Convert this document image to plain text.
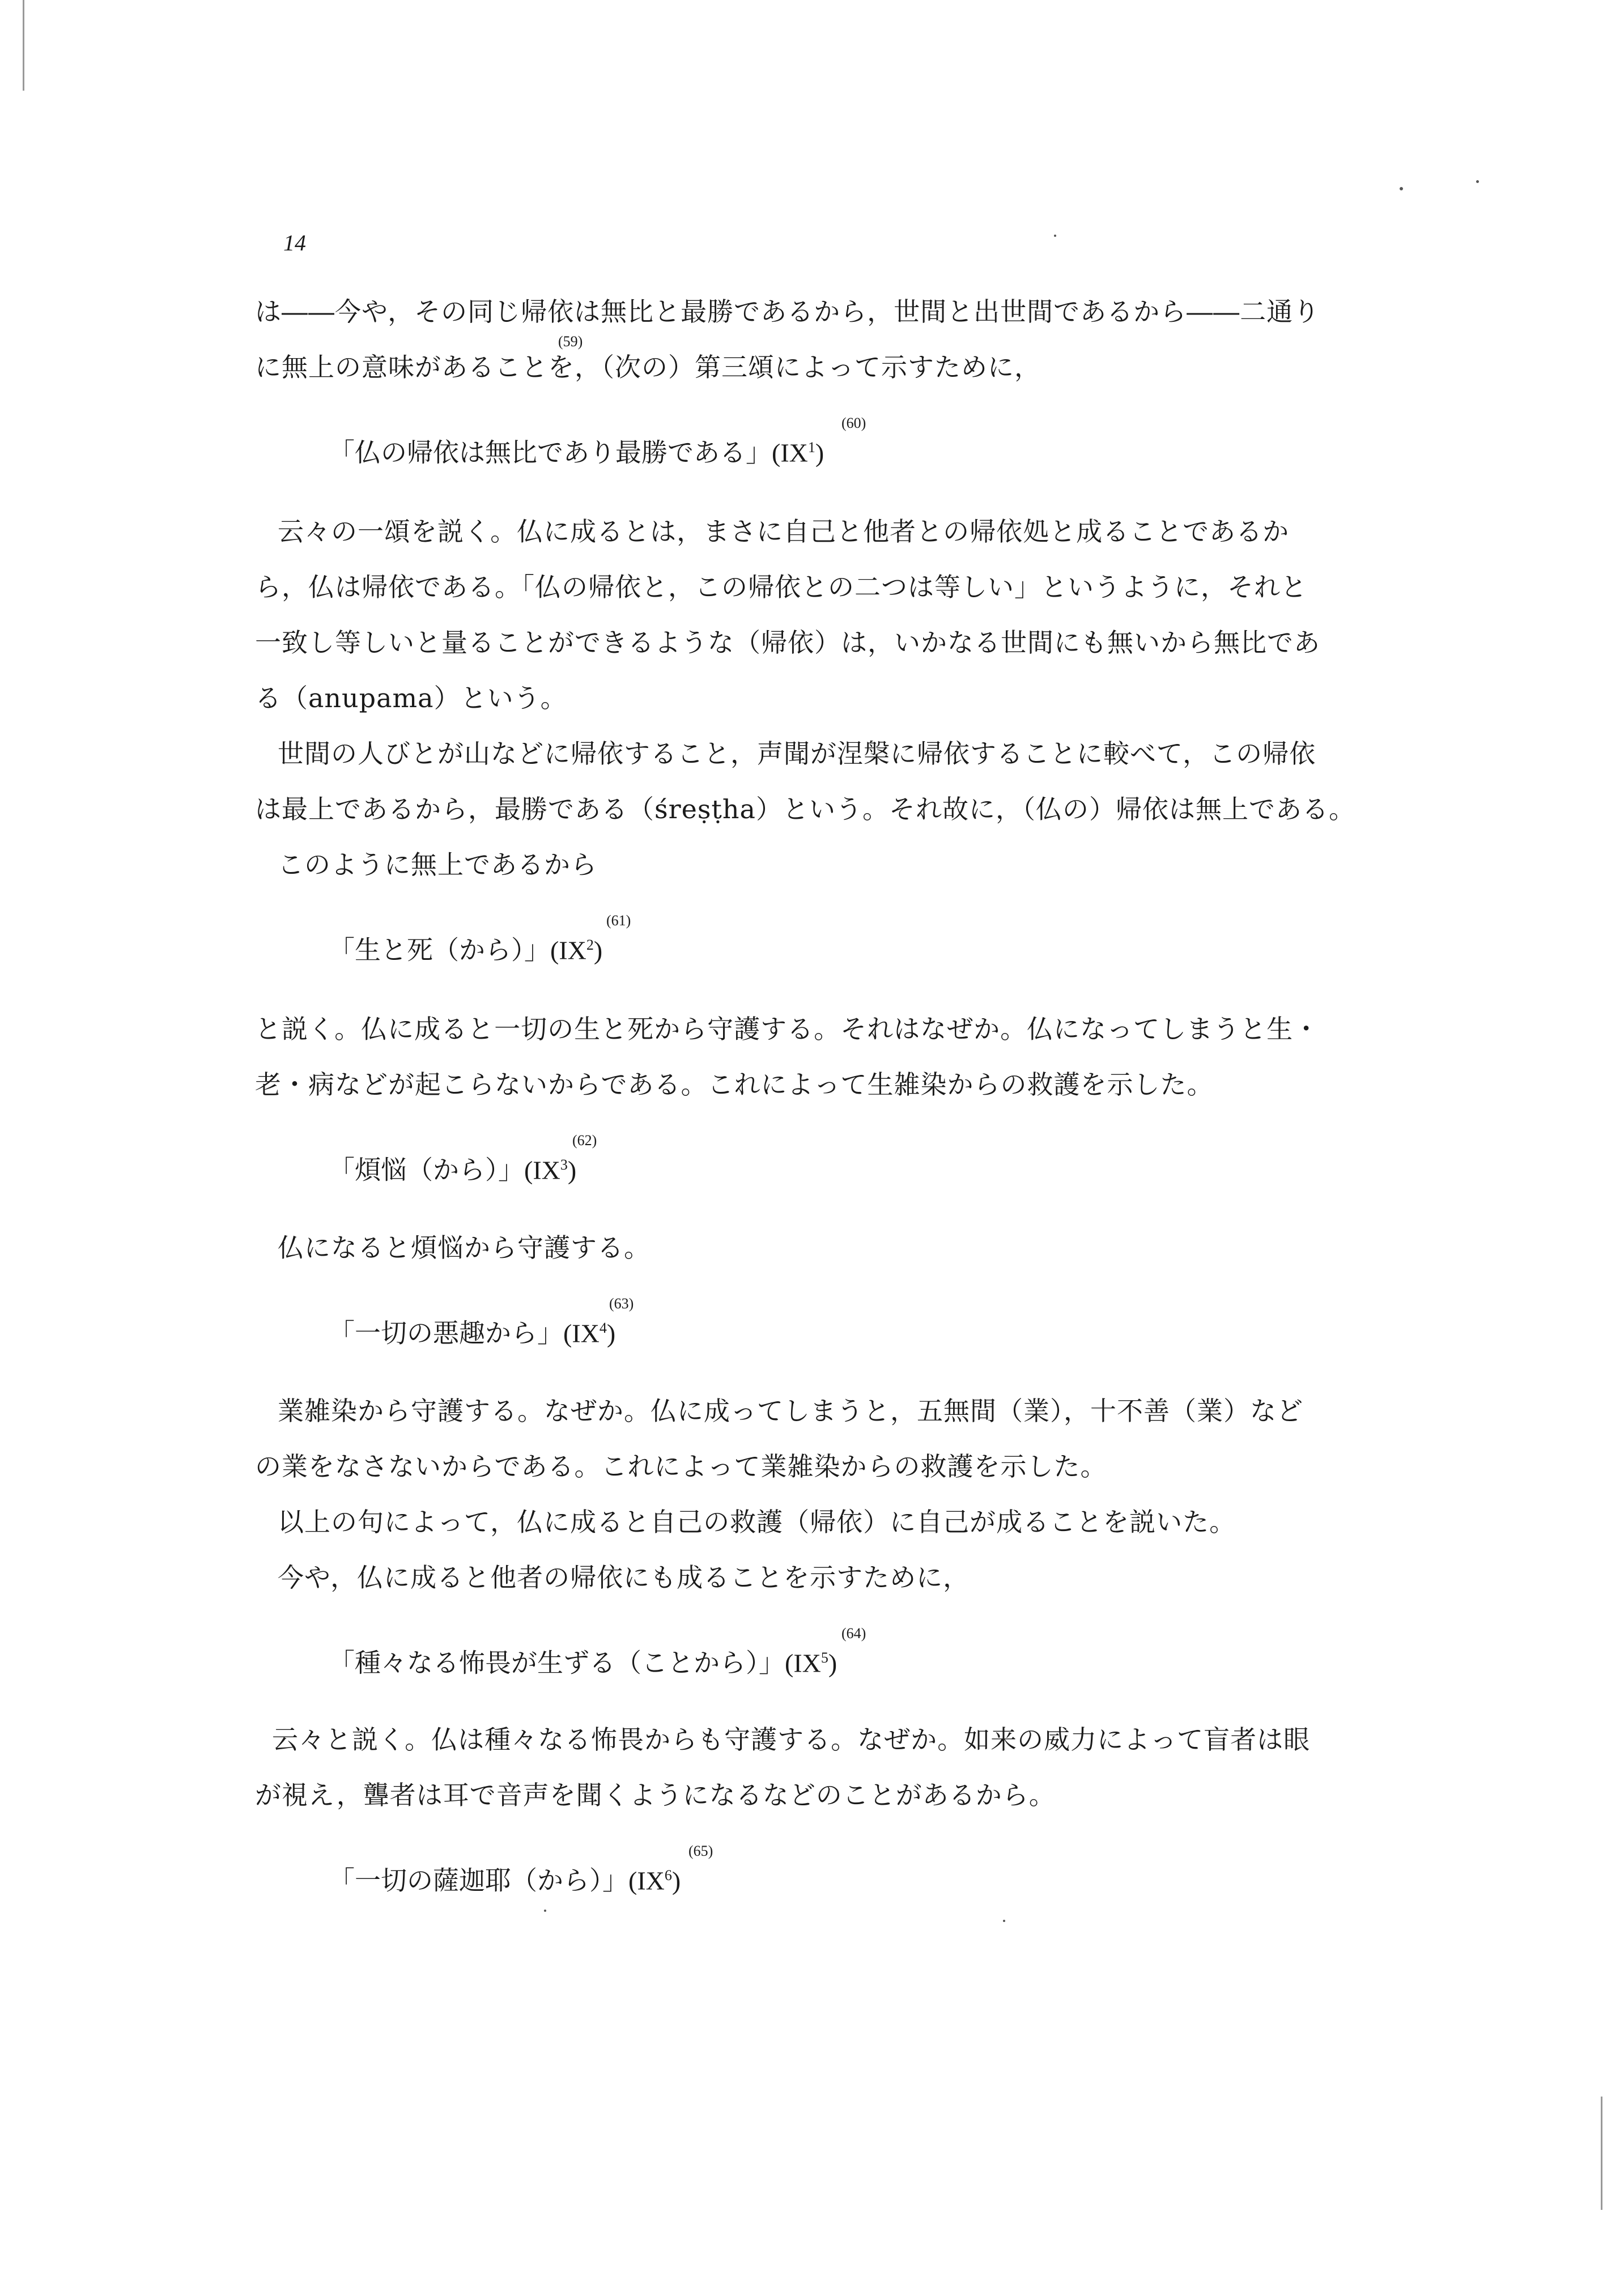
14
は――今や，その同じ帰依は無比と最勝であるから，世間と出世間であるから――二通り
(59)
に無上の意味があることを，（次の）第三頌によって示すために，
「仏の帰依は無比であり最勝である」$(IX^1)$
(60)
云々の一頌を説く。仏に成るとは，まさに自己と他者との帰依処と成ることであるか
ら，仏は帰依である。「仏の帰依と，この帰依との二つは等しい」というように，それと
一致し等しいと量ることができるような（帰依）は，いかなる世間にも無いから無比であ
る（anupama）という。
世間の人びとが山などに帰依すること，声聞が涅槃に帰依することに較べて，この帰依
は最上であるから，最勝である（śreṣṭha）という。それ故に，（仏の）帰依は無上である。
このように無上であるから
「生と死（から）」$(IX^2)$
(61)
と説く。仏に成ると一切の生と死から守護する。それはなぜか。仏になってしまうと生・
老・病などが起こらないからである。これによって生雑染からの救護を示した。
「煩悩（から）」$(IX^3)$
(62)
仏になると煩悩から守護する。
「一切の悪趣から」$(IX^4)$
(63)
業雑染から守護する。なぜか。仏に成ってしまうと，五無間（業），十不善（業）など
の業をなさないからである。これによって業雑染からの救護を示した。
以上の句によって，仏に成ると自己の救護（帰依）に自己が成ることを説いた。
今や，仏に成ると他者の帰依にも成ることを示すために，
「種々なる怖畏が生ずる（ことから）」$(IX^5)$
(64)
云々と説く。仏は種々なる怖畏からも守護する。なぜか。如来の威力によって盲者は眼
が視え，聾者は耳で音声を聞くようになるなどのことがあるから。
「一切の薩迦耶（から）」$(IX^6)$
(65)
